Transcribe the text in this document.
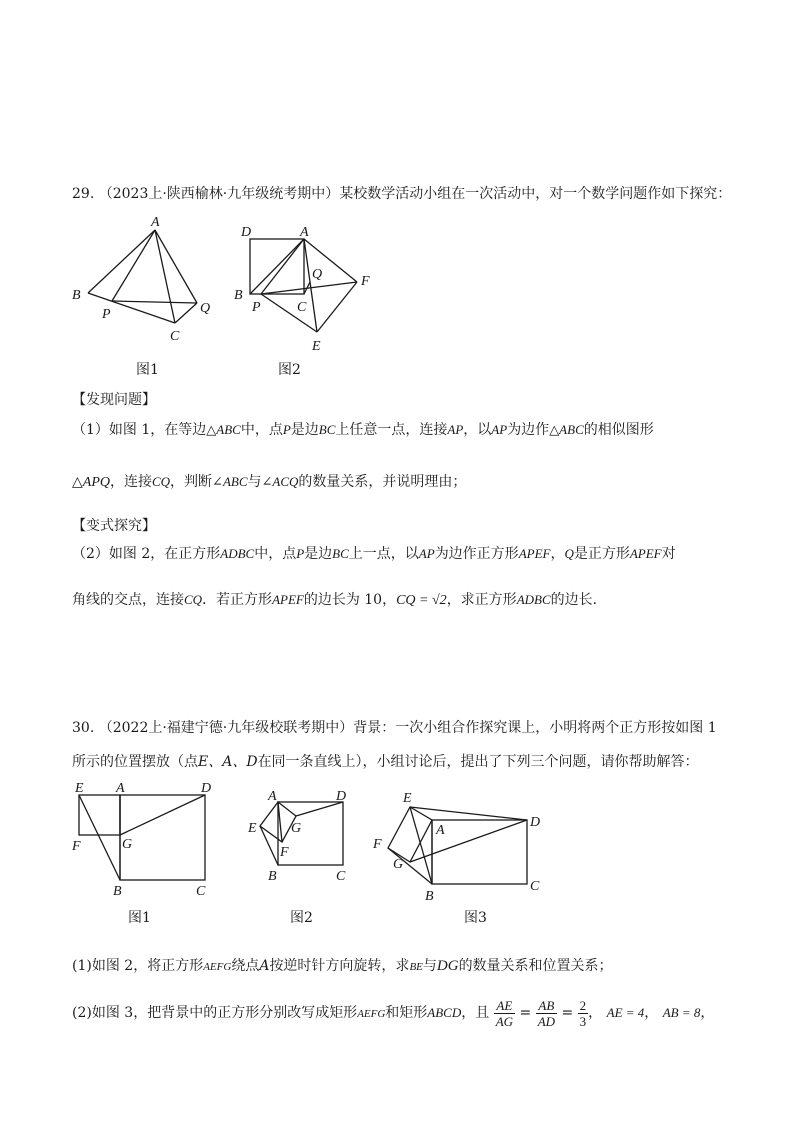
29. （2023上·陕西榆林·九年级统考期中）某校数学活动小组在一次活动中，对一个数学问题作如下探究：
A
B
P
C
Q
图1
D	A
Q	F
B
P	C
E
图2
E A	D
F	G
B	C
图1
A	D
E G
F
B	C
图2
E
A
D
F
G
B
C
图3
【发现问题】
（1）如图 1，在等边△ABC中，点P是边BC上任意一点，连接AP，以AP为边作△ABC的相似图形
△APQ，连接CQ，判断∠ABC与∠ACQ的数量关系，并说明理由；
【变式探究】
（2）如图 2，在正方形ADBC中，点P是边BC上一点，以AP为边作正方形APEF，Q是正方形APEF对
角线的交点，连接CQ．若正方形APEF的边长为 10，CQ = √2，求正方形ADBC的边长．
30. （2022上·福建宁德·九年级校联考期中）背景：一次小组合作探究课上，小明将两个正方形按如图 1
所示的位置摆放（点E、A、D在同一条直线上），小组讨论后，提出了下列三个问题，请你帮助解答：
(1)如图 2，将正方形AEFG绕点A按逆时针方向旋转，求BE与DG的数量关系和位置关系；
(2)如图 3，把背景中的正方形分别改写成矩形AEFG和矩形ABCD，且 $\frac{AE}{AG} = \frac{AB}{AD} = \frac{2}{3}$ ， AE = 4， AB = 8，
